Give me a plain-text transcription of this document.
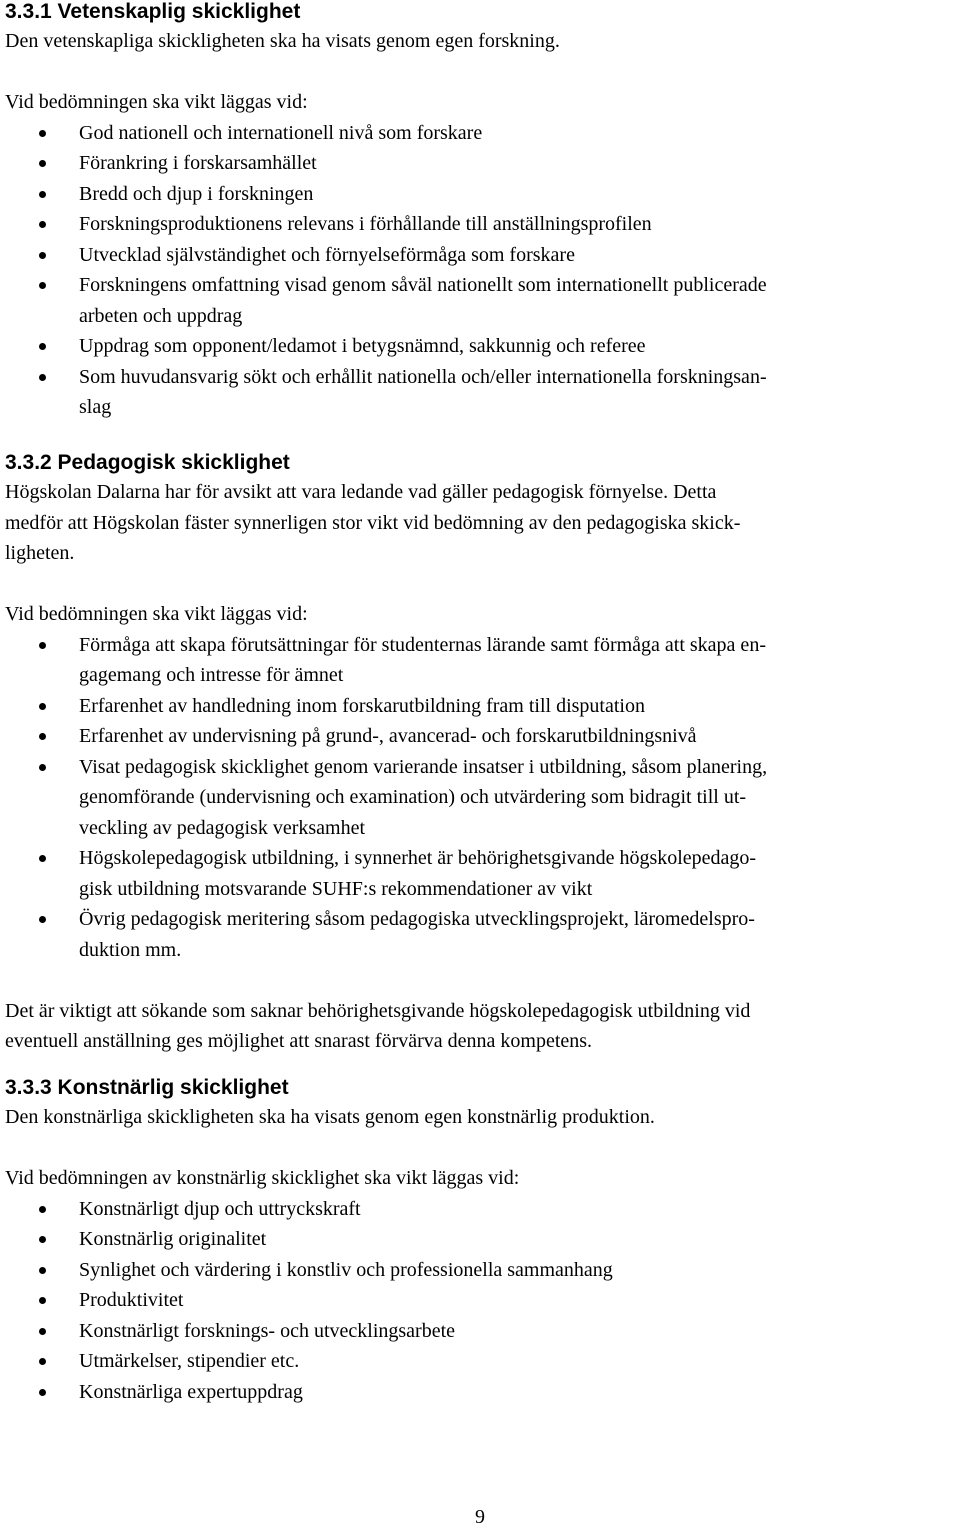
3.3.1 Vetenskaplig skicklighet

Den vetenskapliga skickligheten ska ha visats genom egen forskning.

Vid bedömningen ska vikt läggas vid:

God nationell och internationell nivå som forskare
Förankring i forskarsamhället
Bredd och djup i forskningen
Forskningsproduktionens relevans i förhållande till anställningsprofilen
Utvecklad självständighet och förnyelseförmåga som forskare
Forskningens omfattning visad genom såväl nationellt som internationellt publicerade
arbeten och uppdrag
Uppdrag som opponent/ledamot i betygsnämnd, sakkunnig och referee
Som huvudansvarig sökt och erhållit nationella och/eller internationella forskningsan-
slag
3.3.2 Pedagogisk skicklighet

Högskolan Dalarna har för avsikt att vara ledande vad gäller pedagogisk förnyelse. Detta
medför att Högskolan fäster synnerligen stor vikt vid bedömning av den pedagogiska skick-
ligheten.

Vid bedömningen ska vikt läggas vid:

Förmåga att skapa förutsättningar för studenternas lärande samt förmåga att skapa en-
gagemang och intresse för ämnet
Erfarenhet av handledning inom forskarutbildning fram till disputation
Erfarenhet av undervisning på grund-, avancerad- och forskarutbildningsnivå
Visat pedagogisk skicklighet genom varierande insatser i utbildning, såsom planering,
genomförande (undervisning och examination) och utvärdering som bidragit till ut-
veckling av pedagogisk verksamhet
Högskolepedagogisk utbildning, i synnerhet är behörighetsgivande högskolepedago-
gisk utbildning motsvarande SUHF:s rekommendationer av vikt
Övrig pedagogisk meritering såsom pedagogiska utvecklingsprojekt, läromedelspro-
duktion mm.

Det är viktigt att sökande som saknar behörighetsgivande högskolepedagogisk utbildning vid
eventuell anställning ges möjlighet att snarast förvärva denna kompetens.

3.3.3 Konstnärlig skicklighet

Den konstnärliga skickligheten ska ha visats genom egen konstnärlig produktion.

Vid bedömningen av konstnärlig skicklighet ska vikt läggas vid:

Konstnärligt djup och uttryckskraft
Konstnärlig originalitet
Synlighet och värdering i konstliv och professionella sammanhang
Produktivitet
Konstnärligt forsknings- och utvecklingsarbete
Utmärkelser, stipendier etc.
Konstnärliga expertuppdrag
9
